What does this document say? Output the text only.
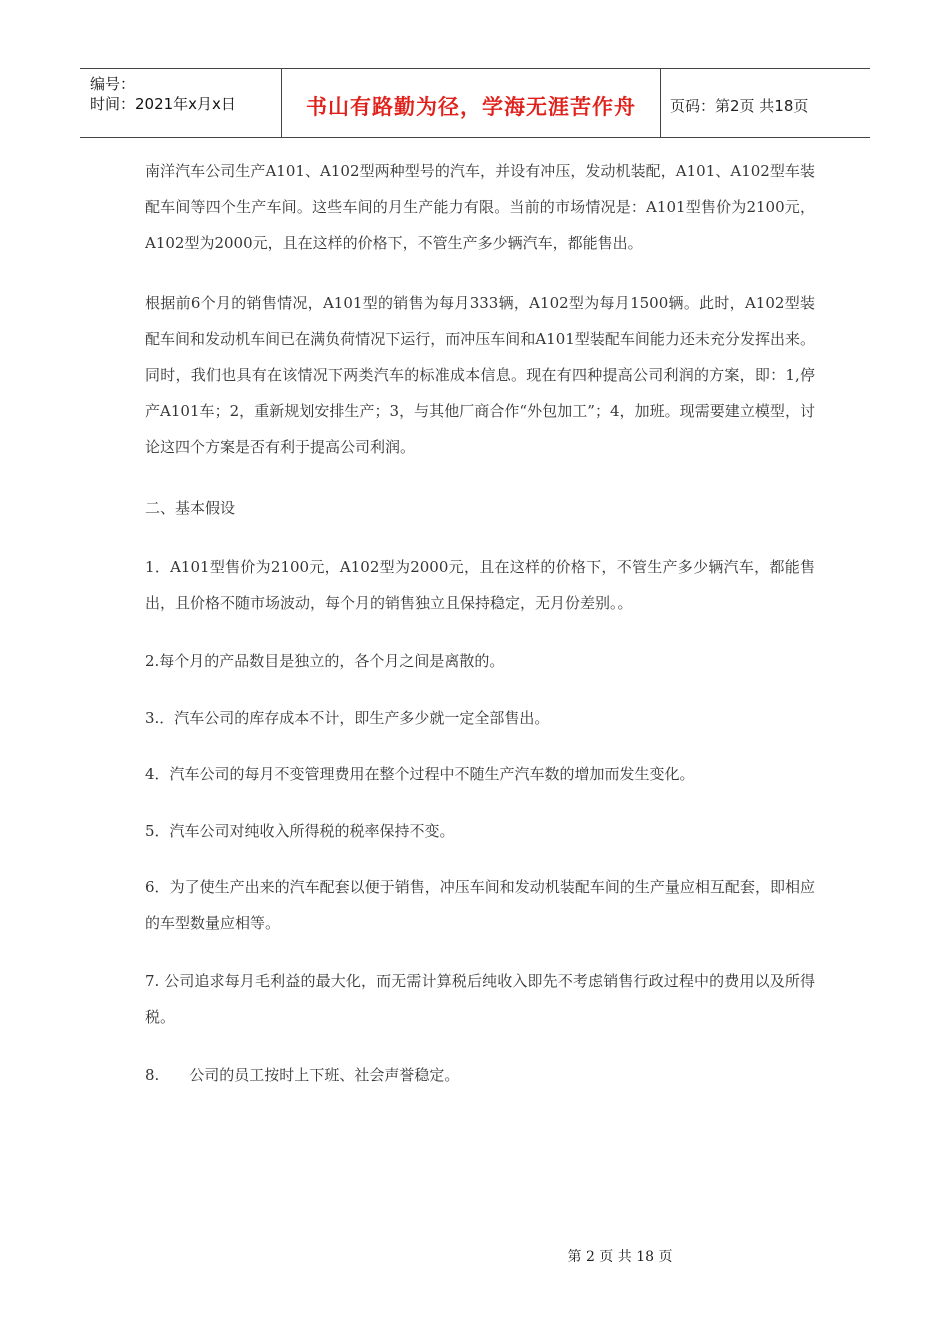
编号：
时间：2021年x月x日	书山有路勤为径，学海无涯苦作舟 页码：第2页 共18页

南洋汽车公司生产A101、A102型两种型号的汽车，并设有冲压，发动机装配，A101、A102型车装配车间等四个生产车间。这些车间的月生产能力有限。当前的市场情况是：A101型售价为2100元，A102型为2000元，且在这样的价格下，不管生产多少辆汽车，都能售出。

根据前6个月的销售情况，A101型的销售为每月333辆，A102型为每月1500辆。此时，A102型装配车间和发动机车间已在满负荷情况下运行，而冲压车间和A101型装配车间能力还未充分发挥出来。同时，我们也具有在该情况下两类汽车的标准成本信息。现在有四种提高公司利润的方案，即：1,停产A101车；2，重新规划安排生产；3，与其他厂商合作“外包加工”；4，加班。现需要建立模型，讨论这四个方案是否有利于提高公司利润。

二、基本假设

1．A101型售价为2100元，A102型为2000元，且在这样的价格下，不管生产多少辆汽车，都能售出，且价格不随市场波动，每个月的销售独立且保持稳定，无月份差别。。

2.每个月的产品数目是独立的，各个月之间是离散的。

3.．汽车公司的库存成本不计，即生产多少就一定全部售出。

4．汽车公司的每月不变管理费用在整个过程中不随生产汽车数的增加而发生变化。

5．汽车公司对纯收入所得税的税率保持不变。

6．为了使生产出来的汽车配套以便于销售，冲压车间和发动机装配车间的生产量应相互配套，即相应的车型数量应相等。

7. 公司追求每月毛利益的最大化，而无需计算税后纯收入即先不考虑销售行政过程中的费用以及所得税。

8.　　公司的员工按时上下班、社会声誉稳定。

第 2 页 共 18 页
